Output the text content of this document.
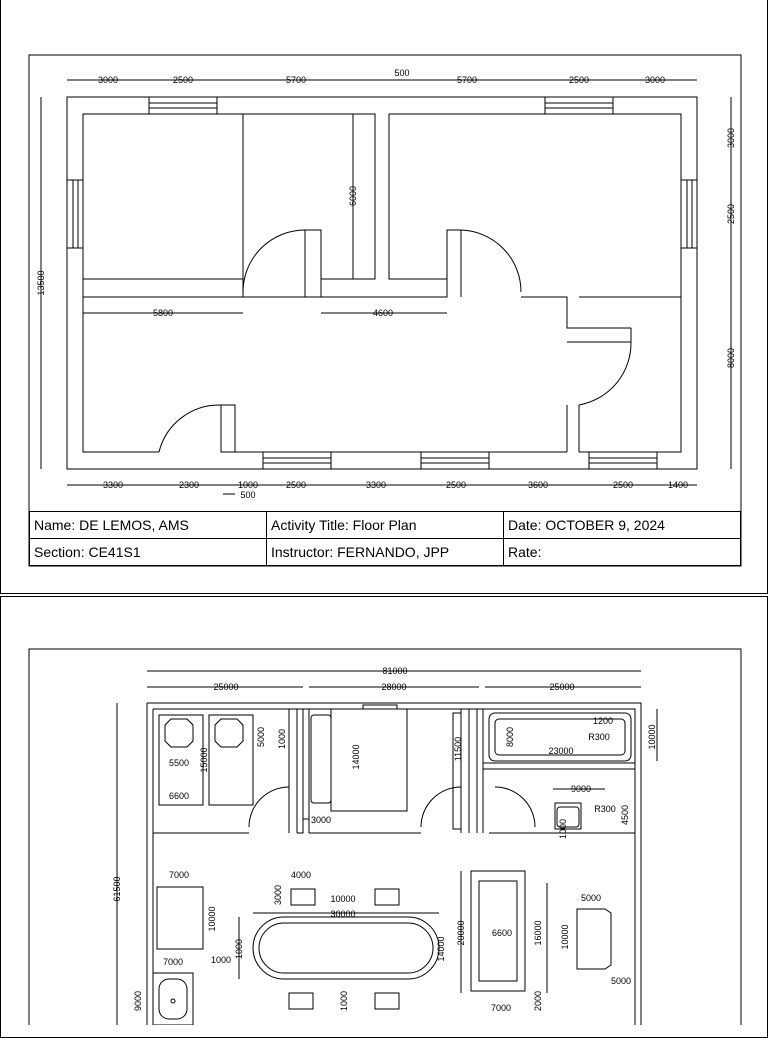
3000	2500	5700
500
5700	2500	3000
13500
3000
2500
8000
3300	2300	1000
500
2500	3300	2500	3600	2500	1400
6000
5800	4600
Name: DE LEMOS, AMS	Activity Title: Floor Plan	Date: OCTOBER 9, 2024
Section: CE41S1	Instructor: FERNANDO, JPP	Rate:
81000
25000	28000	25000
61500
5500
6600
15000
5000 1000
14000	11500
3000
8000
1200
R300
23000
10000
9000
R300 4500
1000
7000	4000
3000	10000
30000
10000
1000
1000
14000
20000	6600 16000 10000
5000
5000
7000
9000	2000
7000
1000
